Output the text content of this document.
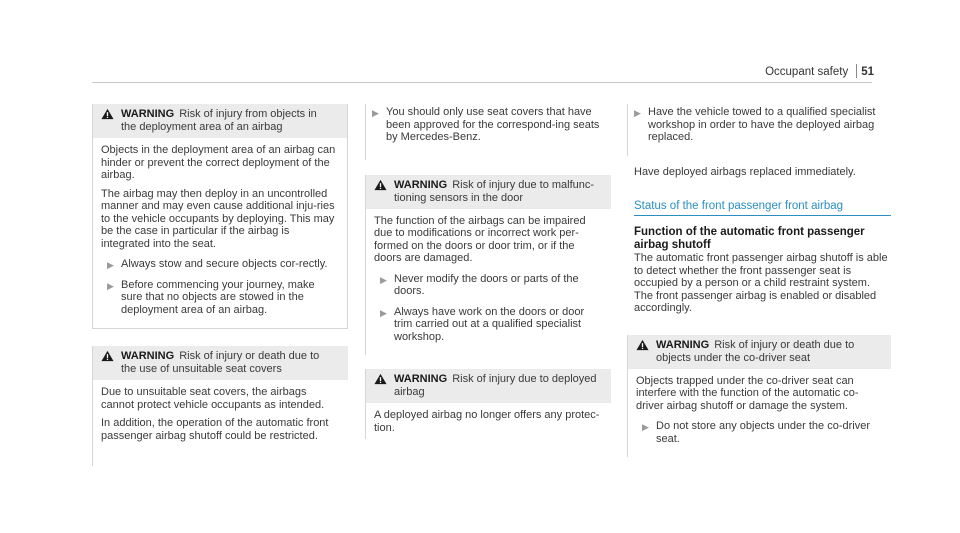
Occupant safety 51
WARNING Risk of injury from objects in
the deployment area of an airbag

Objects in the deployment area of an airbag can hinder or prevent the correct deployment of the airbag.

The airbag may then deploy in an uncontrolled manner and may even cause additional inju-ries to the vehicle occupants by deploying. This may be the case in particular if the airbag is integrated into the seat.

▶ Always stow and secure objects cor-rectly.
▶ Before commencing your journey, make sure that no objects are stowed in the deployment area of an airbag.
WARNING Risk of injury or death due to
the use of unsuitable seat covers

Due to unsuitable seat covers, the airbags cannot protect vehicle occupants as intended.

In addition, the operation of the automatic front passenger airbag shutoff could be restricted.

▶ You should only use seat covers that have been approved for the correspond-ing seats by Mercedes-Benz.
WARNING Risk of injury due to malfunc-
tioning sensors in the door

The function of the airbags can be impaired due to modifications or incorrect work per-formed on the doors or door trim, or if the doors are damaged.

▶ Never modify the doors or parts of the doors.
▶ Always have work on the doors or door trim carried out at a qualified specialist workshop.
WARNING Risk of injury due to deployed
airbag

A deployed airbag no longer offers any protec-tion.

▶ Have the vehicle towed to a qualified specialist workshop in order to have the deployed airbag replaced.
Have deployed airbags replaced immediately.
Status of the front passenger front airbag
Function of the automatic front passenger airbag shutoff
The automatic front passenger airbag shutoff is able to detect whether the front passenger seat is occupied by a person or a child restraint system. The front passenger airbag is enabled or disabled accordingly.
WARNING Risk of injury or death due to
objects under the co-driver seat

Objects trapped under the co-driver seat can interfere with the function of the automatic co-driver airbag shutoff or damage the system.

▶ Do not store any objects under the co-driver seat.
